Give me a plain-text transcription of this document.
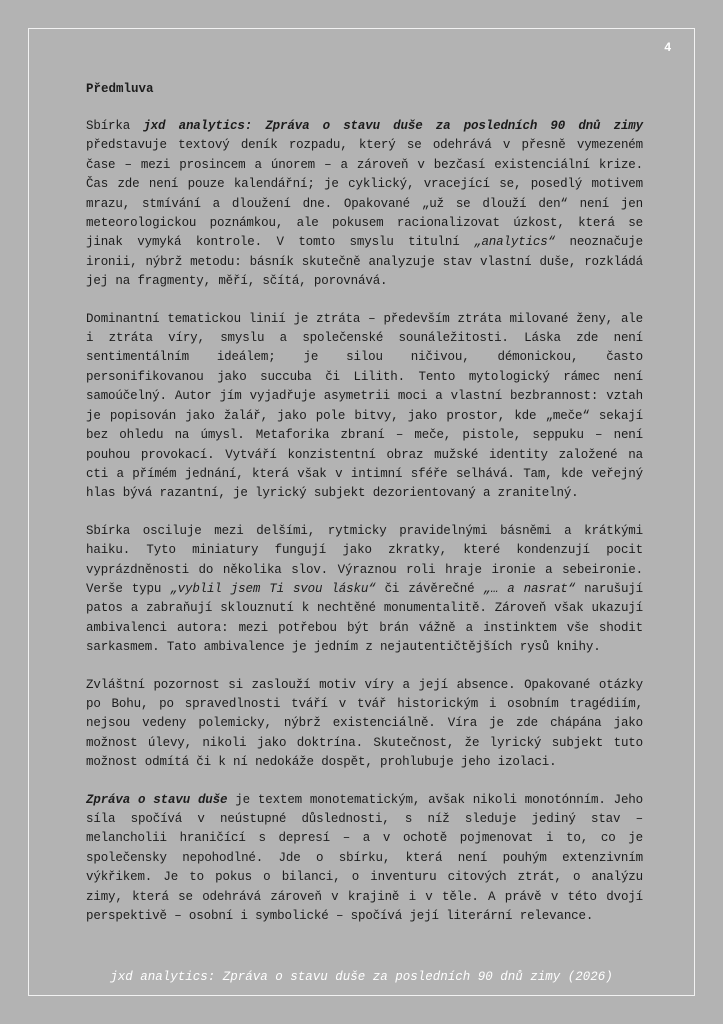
4
Předmluva

Sbírka jxd analytics: Zpráva o stavu duše za posledních 90 dnů zimy představuje textový deník rozpadu, který se odehrává v přesně vymezeném čase – mezi prosincem a únorem – a zároveň v bezčasí existenciální krize. Čas zde není pouze kalendářní; je cyklický, vracející se, posedlý motivem mrazu, stmívání a dloužení dne. Opakované „už se dlouží den“ není jen meteorologickou poznámkou, ale pokusem racionalizovat úzkost, která se jinak vymyká kontrole. V tomto smyslu titulní „analytics“ neoznačuje ironii, nýbrž metodu: básník skutečně analyzuje stav vlastní duše, rozkládá jej na fragmenty, měří, sčítá, porovnává.

Dominantní tematickou linií je ztráta – především ztráta milované ženy, ale i ztráta víry, smyslu a společenské sounáležitosti. Láska zde není sentimentálním ideálem; je silou ničivou, démonickou, často personifikovanou jako succuba či Lilith. Tento mytologický rámec není samoúčelný. Autor jím vyjadřuje asymetrii moci a vlastní bezbrannost: vztah je popisován jako žalář, jako pole bitvy, jako prostor, kde „meče“ sekají bez ohledu na úmysl. Metaforika zbraní – meče, pistole, seppuku – není pouhou provokací. Vytváří konzistentní obraz mužské identity založené na cti a přímém jednání, která však v intimní sféře selhává. Tam, kde veřejný hlas bývá razantní, je lyrický subjekt dezorientovaný a zranitelný.

Sbírka osciluje mezi delšími, rytmicky pravidelnými básněmi a krátkými haiku. Tyto miniatury fungují jako zkratky, které kondenzují pocit vyprázdněnosti do několika slov. Výraznou roli hraje ironie a sebeironie. Verše typu „vyblil jsem Ti svou lásku“ či závěrečné „… a nasrat“ narušují patos a zabraňují sklouznutí k nechtěné monumentalitě. Zároveň však ukazují ambivalenci autora: mezi potřebou být brán vážně a instinktem vše shodit sarkasmem. Tato ambivalence je jedním z nejautentičtějších rysů knihy.

Zvláštní pozornost si zaslouží motiv víry a její absence. Opakované otázky po Bohu, po spravedlnosti tváří v tvář historickým i osobním tragédiím, nejsou vedeny polemicky, nýbrž existenciálně. Víra je zde chápána jako možnost úlevy, nikoli jako doktrína. Skutečnost, že lyrický subjekt tuto možnost odmítá či k ní nedokáže dospět, prohlubuje jeho izolaci.

Zpráva o stavu duše je textem monotematickým, avšak nikoli monotónním. Jeho síla spočívá v neústupné důslednosti, s níž sleduje jediný stav – melancholii hraničící s depresí – a v ochotě pojmenovat i to, co je společensky nepohodlné. Jde o sbírku, která není pouhým extenzivním výkřikem. Je to pokus o bilanci, o inventuru citových ztrát, o analýzu zimy, která se odehrává zároveň v krajině i v těle. A právě v této dvojí perspektivě – osobní i symbolické – spočívá její literární relevance.

jxd analytics: Zpráva o stavu duše za posledních 90 dnů zimy (2026)
